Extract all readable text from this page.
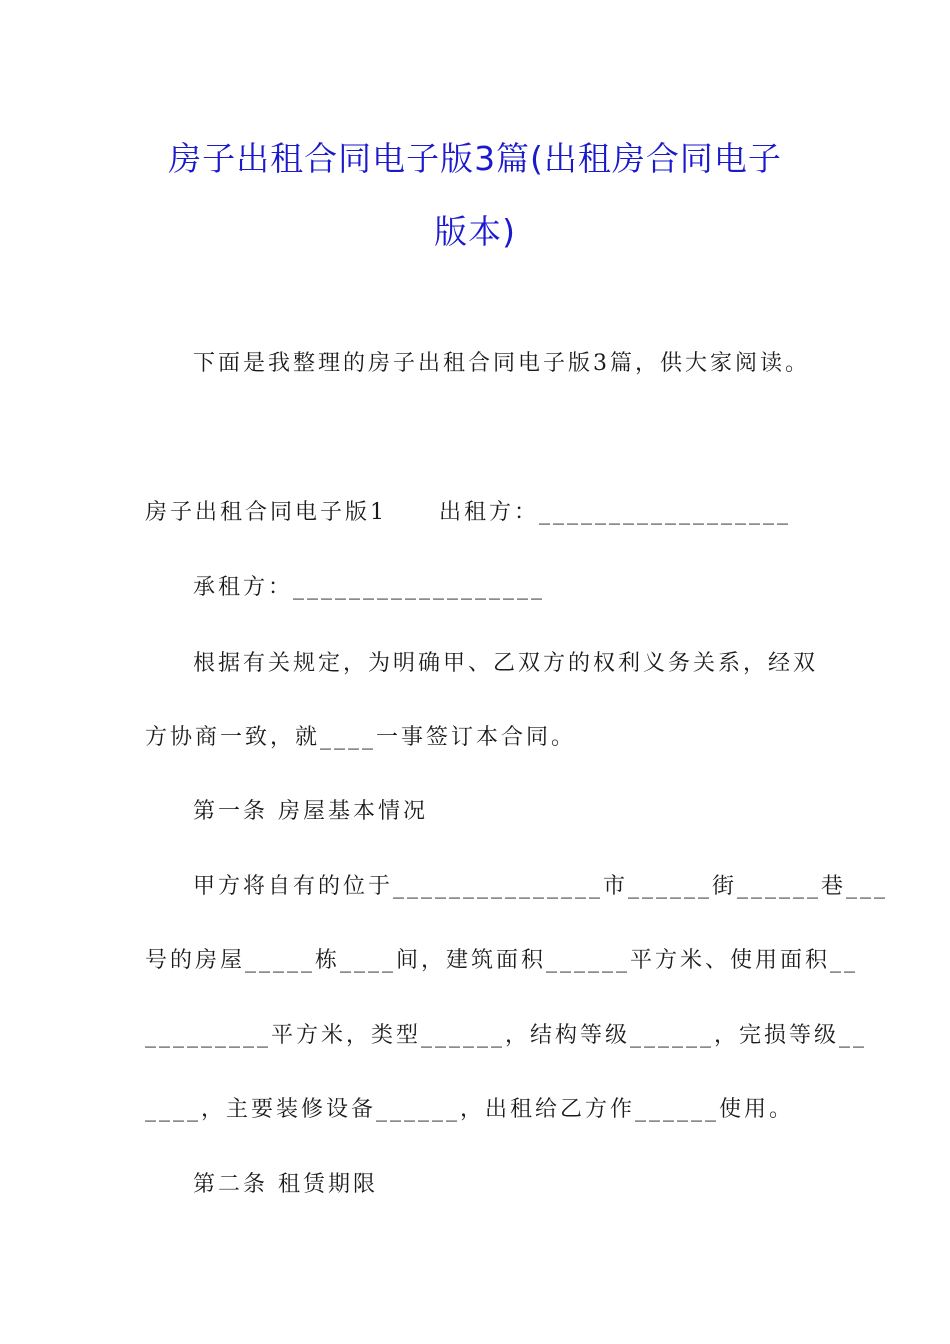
房子出租合同电子版3篇(出租房合同电子
版本)
下面是我整理的房子出租合同电子版3篇，供大家阅读。
房子出租合同电子版1 出租方：__________________
承租方：__________________
根据有关规定，为明确甲、乙双方的权利义务关系，经双
方协商一致，就____一事签订本合同。
第一条 房屋基本情况
甲方将自有的位于_______________市______街______巷___
号的房屋_____栋____间，建筑面积______平方米、使用面积__
_________平方米，类型______，结构等级______，完损等级__
____，主要装修设备______，出租给乙方作______使用。
第二条 租赁期限
